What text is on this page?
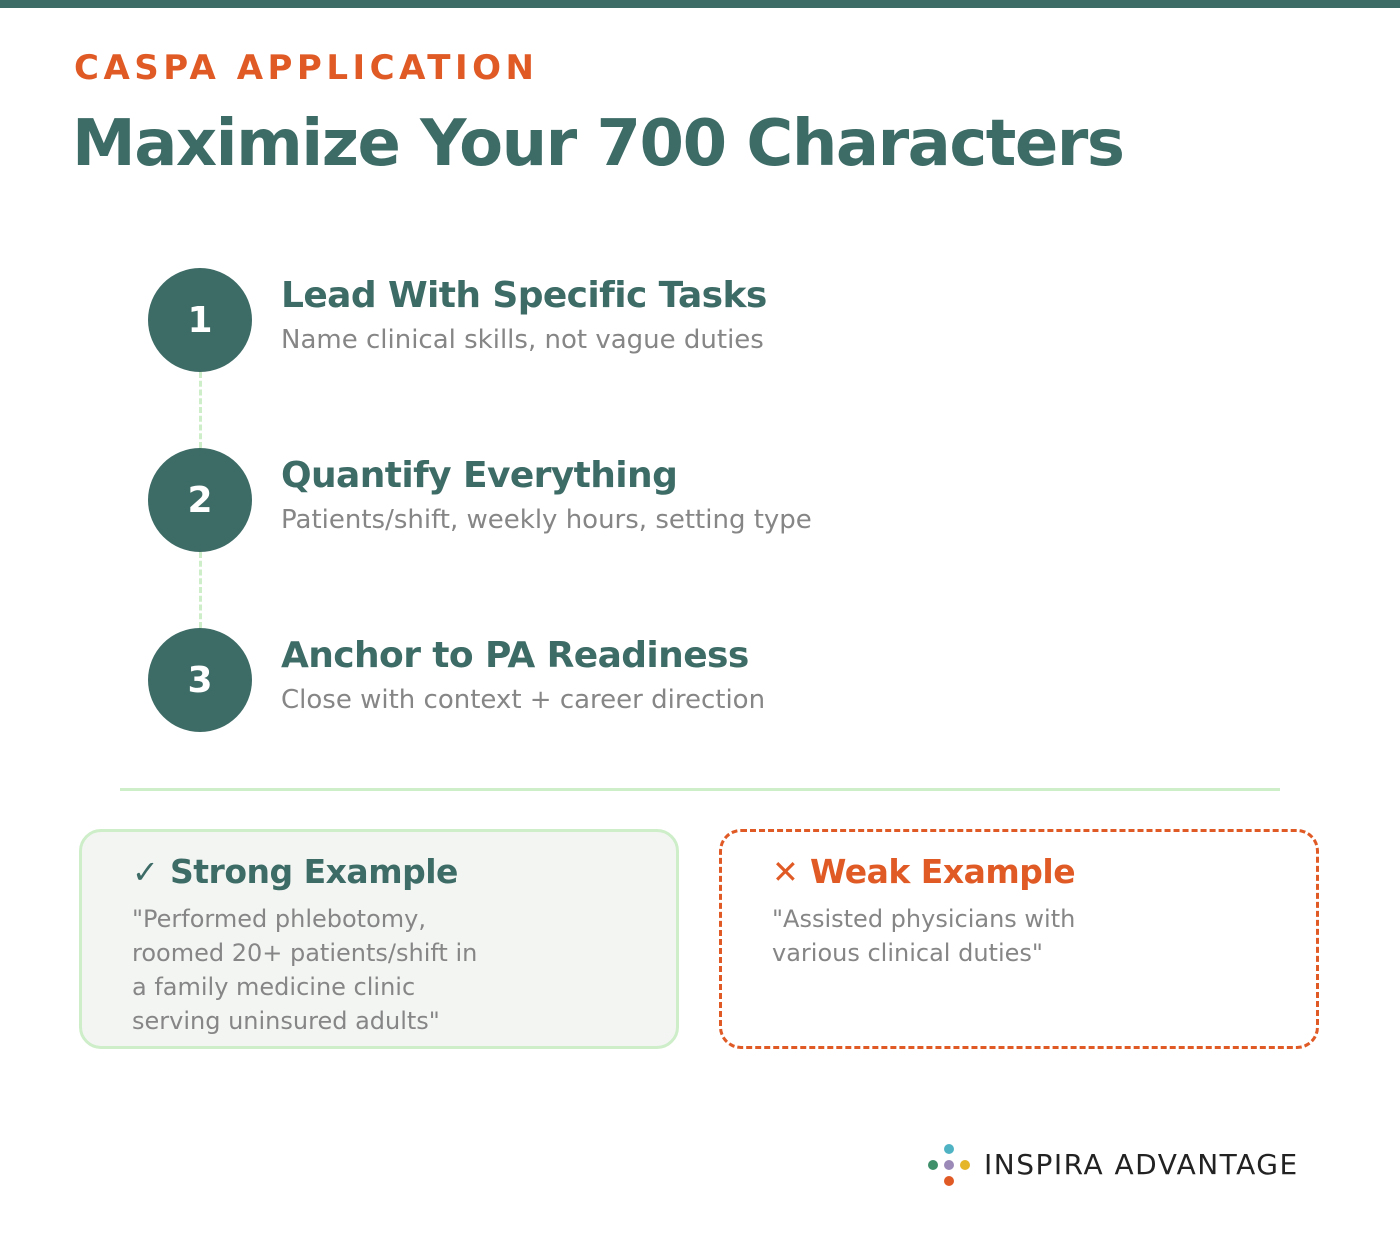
CASPA APPLICATION
Maximize Your 700 Characters
1
Lead With Specific Tasks
Name clinical skills, not vague duties
2
Quantify Everything
Patients/shift, weekly hours, setting type
3
Anchor to PA Readiness
Close with context + career direction
✓ Strong Example
"Performed phlebotomy, roomed 20+ patients/shift in a family medicine clinic serving uninsured adults"
✕ Weak Example
"Assisted physicians with various clinical duties"
INSPIRA ADVANTAGE
